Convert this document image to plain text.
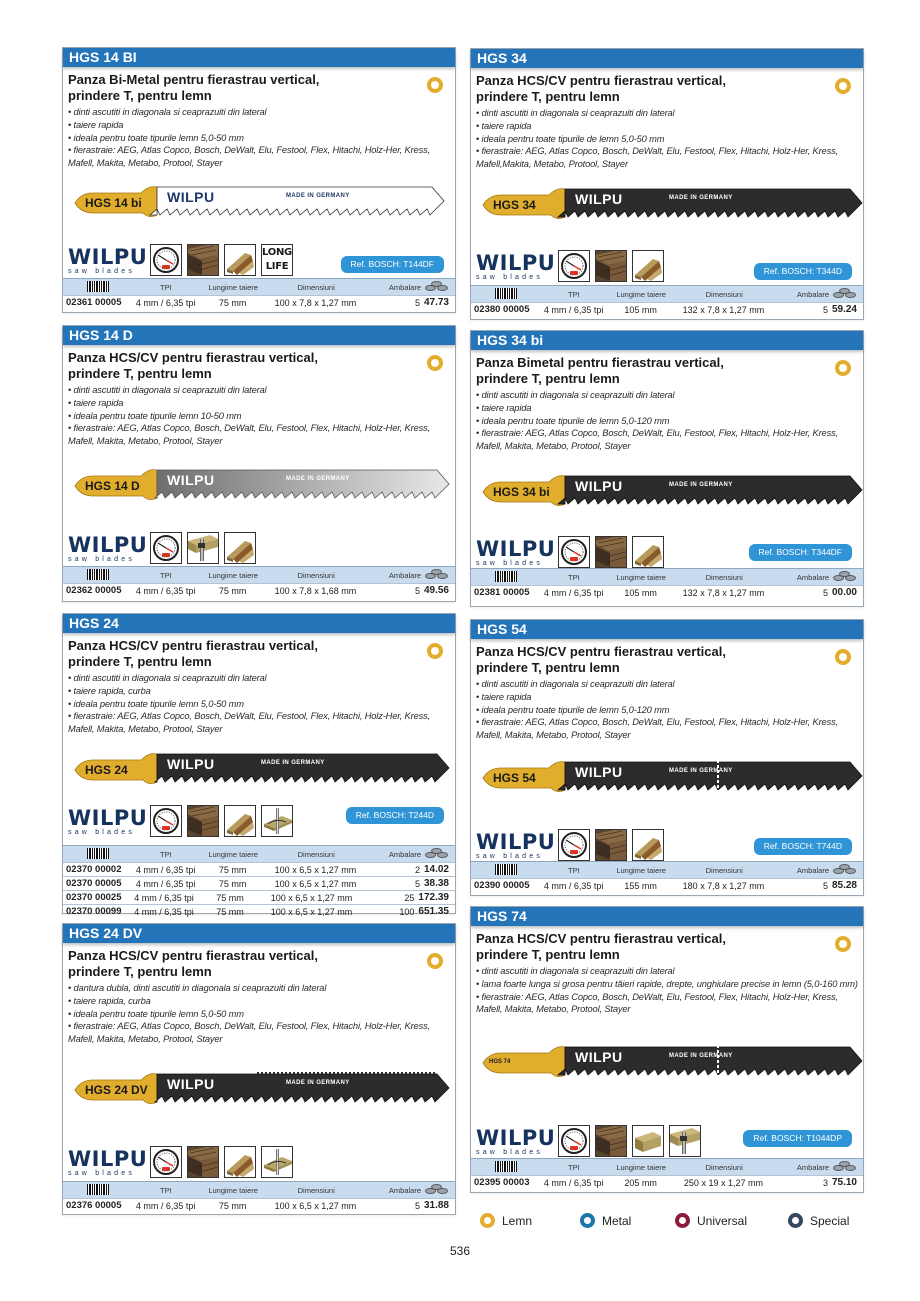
HGS 14 BI
Panza Bi-Metal pentru fierastrau vertical,
prindere T, pentru lemn
• dinti ascutiti in diagonala si ceaprazuiti din lateral
• taiere rapida
• ideala pentru toate tipurile lemn 5,0-50 mm
• fierastraie: AEG, Atlas Copco, Bosch, DeWalt, Elu, Festool, Flex, Hitachi, Holz-Her, Kress,
Mafell, Makita, Metabo, Protool, Stayer
HGS 14 bi WILPU	MADE IN GERMANY
WILPU
saw blades
LONG
LIFE	Ref. BOSCH: T144DF
TPI	Lungime taiere	Dimensiuni	Ambalare
02361 00005	4 mm / 6,35 tpi	75 mm	100 x 7,8 x 1,27 mm	5 47.73
HGS 34
Panza HCS/CV pentru fierastrau vertical,
prindere T, pentru lemn
• dinti ascutiti in diagonala si ceaprazuiti din lateral
• taiere rapida
• ideala pentru toate tipurile de lemn 5,0-50 mm
• fierastraie: AEG, Atlas Copco, Bosch, DeWalt, Elu, Festool, Flex, Hitachi, Holz-Her, Kress,
Mafell,Makita, Metabo, Protool, Stayer
HGS 34	WILPU	MADE IN GERMANY
WILPU
saw blades
Ref. BOSCH: T344D
TPI	Lungime taiere	Dimensiuni	Ambalare
02380 00005	4 mm / 6,35 tpi	105 mm	132 x 7,8 x 1,27 mm	5 59.24
HGS 14 D
Panza HCS/CV pentru fierastrau vertical,
prindere T, pentru lemn
• dinti ascutiti in diagonala si ceaprazuiti din lateral
• taiere rapida
• ideala pentru toate tipurile lemn 10-50 mm
• fierastraie: AEG, Atlas Copco, Bosch, DeWalt, Elu, Festool, Flex, Hitachi, Holz-Her, Kress,
Mafell, Makita, Metabo, Protool, Stayer
HGS 14 D WILPU	MADE IN GERMANY
WILPU
saw blades
TPI	Lungime taiere	Dimensiuni	Ambalare
02362 00005	4 mm / 6,35 tpi	75 mm	100 x 7,8 x 1,68 mm	5 49.56
HGS 34 bi
Panza Bimetal pentru fierastrau vertical,
prindere T, pentru lemn
• dinti ascutiti in diagonala si ceaprazuiti din lateral
• taiere rapida
• ideala pentru toate tipurile de lemn 5,0-120 mm
• fierastraie: AEG, Atlas Copco, Bosch, DeWalt, Elu, Festool, Flex, Hitachi, Holz-Her, Kress,
Mafell, Makita, Metabo, Protool, Stayer
HGS 34 bi WILPU	MADE IN GERMANY
WILPU
saw blades
Ref. BOSCH: T344DF
TPI	Lungime taiere	Dimensiuni	Ambalare
02381 00005	4 mm / 6,35 tpi	105 mm	132 x 7,8 x 1,27 mm	5 00.00
HGS 24
Panza HCS/CV pentru fierastrau vertical,
prindere T, pentru lemn
• dinti ascutiti in diagonala si ceaprazuiti din lateral
• taiere rapida, curba
• ideala pentru toate tipurile lemn 5,0-50 mm
• fierastraie: AEG, Atlas Copco, Bosch, DeWalt, Elu, Festool, Flex, Hitachi, Holz-Her, Kress,
Mafell, Makita, Metabo, Protool, Stayer
HGS 24	WILPU	MADE IN GERMANY
WILPU
saw blades
Ref. BOSCH: T244D
TPI	Lungime taiere	Dimensiuni	Ambalare
02370 00002	4 mm / 6,35 tpi	75 mm	100 x 6,5 x 1,27 mm	2 14.02
02370 00005	4 mm / 6,35 tpi	75 mm	100 x 6,5 x 1,27 mm	5 38.38
02370 00025	4 mm / 6,35 tpi	75 mm	100 x 6,5 x 1,27 mm	25 172.39
02370 00099	4 mm / 6,35 tpi	75 mm	100 x 6,5 x 1,27 mm	100 651.35
HGS 54
Panza HCS/CV pentru fierastrau vertical,
prindere T, pentru lemn
• dinti ascutiti in diagonala si ceaprazuiti din lateral
• taiere rapida
• ideala pentru toate tipurile de lemn 5,0-120 mm
• fierastraie: AEG, Atlas Copco, Bosch, DeWalt, Elu, Festool, Flex, Hitachi, Holz-Her, Kress,
Mafell, Makita, Metabo, Protool, Stayer
HGS 54	WILPU	MADE IN GERMANY
WILPU
saw blades
Ref. BOSCH: T744D
TPI	Lungime taiere	Dimensiuni	Ambalare
02390 00005	4 mm / 6,35 tpi	155 mm	180 x 7,8 x 1,27 mm	5 85.28
HGS 24 DV
Panza HCS/CV pentru fierastrau vertical,
prindere T, pentru lemn
• dantura dubla, dinti ascutiti in diagonala si ceaprazuiti din lateral
• taiere rapida, curba
• ideala pentru toate tipurile lemn 5,0-50 mm
• fierastraie: AEG, Atlas Copco, Bosch, DeWalt, Elu, Festool, Flex, Hitachi, Holz-Her, Kress,
Mafell, Makita, Metabo, Protool, Stayer
HGS 24 DV WILPU	MADE IN GERMANY
WILPU
saw blades
TPI	Lungime taiere	Dimensiuni	Ambalare
02376 00005	4 mm / 6,35 tpi	75 mm	100 x 6,5 x 1,27 mm	5 31.88
HGS 74
Panza HCS/CV pentru fierastrau vertical,
prindere T, pentru lemn
• dinti ascutiti in diagonala si ceaprazuiti din lateral
• lama foarte lunga si grosa pentru tăieri rapide, drepte, unghiulare precise in lemn (5,0-160 mm)
• fierastraie: AEG, Atlas Copco, Bosch, DeWalt, Elu, Festool, Flex, Hitachi, Holz-Her, Kress,
Mafell, Makita, Metabo, Protool, Stayer
HGS 74	WILPU	MADE IN GERMANY
WILPU
saw blades
Ref. BOSCH: T1044DP
TPI	Lungime taiere	Dimensiuni	Ambalare
02395 00003	4 mm / 6,35 tpi	205 mm	250 x 19 x 1,27 mm	3 75.10
Lemn	Metal	Universal	Special
536
